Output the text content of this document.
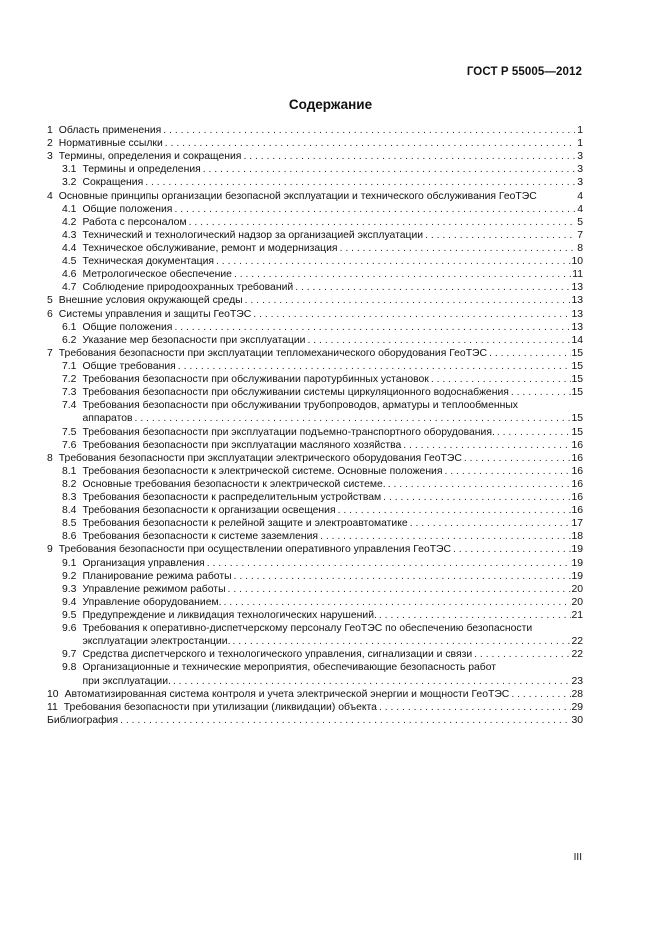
ГОСТ Р 55005—2012
Содержание
1 Область применения . . .	1
2 Нормативные ссылки . . .	1
3 Термины, определения и сокращения . . .	3
3.1 Термины и определения . . .	3
3.2 Сокращения . . .	3
4 Основные принципы организации безопасной эксплуатации и технического обслуживания ГеоТЭС	4
4.1 Общие положения . . .	4
4.2 Работа с персоналом . . .	5
4.3 Технический и технологический надзор за организацией эксплуатации . . .	7
4.4 Техническое обслуживание, ремонт и модернизация . . .	8
4.5 Техническая документация . . .	10
4.6 Метрологическое обеспечение . . .	11
4.7 Соблюдение природоохранных требований . . .	13
5 Внешние условия окружающей среды . . .	13
6 Системы управления и защиты ГеоТЭС . . .	13
6.1 Общие положения . . .	13
6.2 Указание мер безопасности при эксплуатации . . .	14
7 Требования безопасности при эксплуатации тепломеханического оборудования ГеоТЭС . . .	15
7.1 Общие требования . . .	15
7.2 Требования безопасности при обслуживании паротурбинных установок . . .	15
7.3 Требования безопасности при обслуживании системы циркуляционного водоснабжения . . .	15
7.4 Требования безопасности при обслуживании трубопроводов, арматуры и теплообменных
аппаратов . . .	15
7.5 Требования безопасности при эксплуатации подъемно-транспортного оборудования. . . .	15
7.6 Требования безопасности при эксплуатации масляного хозяйства . . .	16
8 Требования безопасности при эксплуатации электрического оборудования ГеоТЭС . . .	16
8.1 Требования безопасности к электрической системе. Основные положения . . .	16
8.2 Основные требования безопасности к электрической системе. . . .	16
8.3 Требования безопасности к распределительным устройствам . . .	16
8.4 Требования безопасности к организации освещения . . .	16
8.5 Требования безопасности к релейной защите и электроавтоматике . . .	17
8.6 Требования безопасности к системе заземления . . .	18
9 Требования безопасности при осуществлении оперативного управления ГеоТЭС . . .	19
9.1 Организация управления . . .	19
9.2 Планирование режима работы . . .	19
9.3 Управление режимом работы . . .	20
9.4 Управление оборудованием. . . .	20
9.5 Предупреждение и ликвидация технологических нарушений. . . .	21
9.6 Требования к оперативно-диспетчерскому персоналу ГеоТЭС по обеспечению безопасности
эксплуатации электростанции. . . .	22
9.7 Средства диспетчерского и технологического управления, сигнализации и связи . . .	22
9.8 Организационные и технические мероприятия, обеспечивающие безопасность работ
при эксплуатации. . . .	23
10 Автоматизированная система контроля и учета электрической энергии и мощности ГеоТЭС . . .	28
11 Требования безопасности при утилизации (ликвидации) объекта . . .	29
Библиография . . .	30
III
